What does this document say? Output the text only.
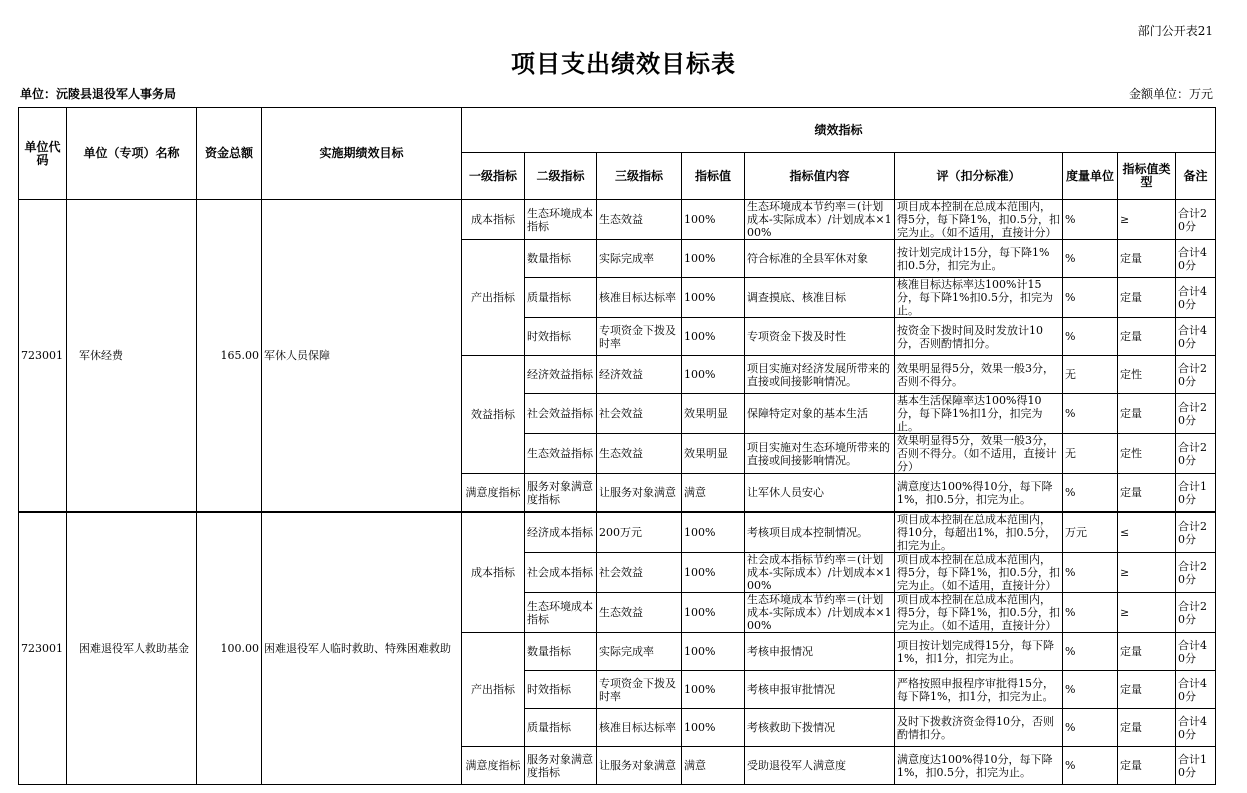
部门公开表21
项目支出绩效目标表
单位：沅陵县退役军人事务局	金额单位：万元
单位代码	单位（专项）名称	资金总额	实施期绩效目标	绩效指标								
				一级指标	二级指标	三级指标	指标值	指标值内容	评（扣分标准）	度量单位	指标值类型	备注
723001	军休经费	165.00	军休人员保障	成本指标	生态环境成本指标	生态效益	100%	生态环境成本节约率＝(计划成本-实际成本）/计划成本×100%	项目成本控制在总成本范围内，得5分，每下降1%，扣0.5分，扣完为止。（如不适用，直接计分）	%	≥	合计20分
				产出指标	数量指标	实际完成率	100%	符合标准的全县军休对象	按计划完成计15分，每下降1%扣0.5分，扣完为止。	%	定量	合计40分
					质量指标	核准目标达标率	100%	调查摸底、核准目标	核准目标达标率达100%计15分，每下降1%扣0.5分，扣完为止。	%	定量	合计40分
					时效指标	专项资金下拨及时率	100%	专项资金下拨及时性	按资金下拨时间及时发放计10分，否则酌情扣分。	%	定量	合计40分
				效益指标	经济效益指标	经济效益	100%	项目实施对经济发展所带来的直接或间接影响情况。	效果明显得5分，效果一般3分，否则不得分。	无	定性	合计20分
					社会效益指标	社会效益	效果明显	保障特定对象的基本生活	基本生活保障率达100%得10分，每下降1%扣1分，扣完为止。	%	定量	合计20分
					生态效益指标	生态效益	效果明显	项目实施对生态环境所带来的直接或间接影响情况。	效果明显得5分，效果一般3分，否则不得分。（如不适用，直接计分）	无	定性	合计20分
				满意度指标	服务对象满意度指标	让服务对象满意	满意	让军休人员安心	满意度达100%得10分，每下降1%，扣0.5分，扣完为止。	%	定量	合计10分
723001	困难退役军人救助基金	100.00	困难退役军人临时救助、特殊困难救助	成本指标	经济成本指标	200万元	100%	考核项目成本控制情况。	项目成本控制在总成本范围内，得10分，每超出1%，扣0.5分，扣完为止。	万元	≤	合计20分
					社会成本指标	社会效益	100%	社会成本指标节约率＝(计划成本-实际成本）/计划成本×100%	项目成本控制在总成本范围内，得5分，每下降1%，扣0.5分，扣完为止。（如不适用，直接计分）	%	≥	合计20分
					生态环境成本指标	生态效益	100%	生态环境成本节约率＝(计划成本-实际成本）/计划成本×100%	项目成本控制在总成本范围内，得5分，每下降1%，扣0.5分，扣完为止。（如不适用，直接计分）	%	≥	合计20分
				产出指标	数量指标	实际完成率	100%	考核申报情况	项目按计划完成得15分，每下降1%，扣1分，扣完为止。	%	定量	合计40分
					时效指标	专项资金下拨及时率	100%	考核申报审批情况	严格按照申报程序审批得15分，每下降1%，扣1分，扣完为止。	%	定量	合计40分
					质量指标	核准目标达标率	100%	考核救助下拨情况	及时下拨救济资金得10分，否则酌情扣分。	%	定量	合计40分
				满意度指标	服务对象满意度指标	让服务对象满意	满意	受助退役军人满意度	满意度达100%得10分，每下降1%，扣0.5分，扣完为止。	%	定量	合计10分
